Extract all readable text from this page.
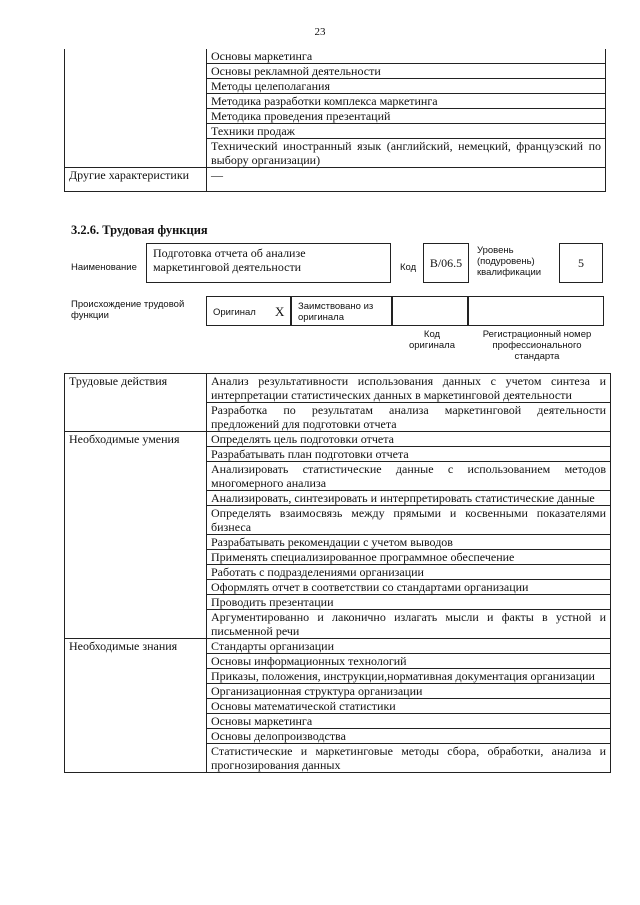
23
	Основы маркетинга
	Основы рекламной деятельности
	Методы целеполагания
	Методика разработки комплекса маркетинга
	Методика проведения презентаций
	Техники продаж
	Технический иностранный язык (английский, немецкий, французский по выбору организации)
Другие характеристики	—
3.2.6. Трудовая функция
Наименование
Подготовка отчета об анализе маркетинговой деятельности	Код	B/06.5
Уровень (подуровень) квалификации
5
Происхождение трудовой функции	Оригинал X Заимствовано из оригинала
Код оригинала
Регистрационный номер профессионального стандарта
Трудовые действия	Анализ результативности использования данных с учетом синтеза и интерпретации статистических данных в маркетинговой деятельности
	Разработка по результатам анализа маркетинговой деятельности предложений для подготовки отчета
Необходимые умения	Определять цель подготовки отчета
	Разрабатывать план подготовки отчета
	Анализировать статистические данные с использованием методов многомерного анализа
	Анализировать, синтезировать и интерпретировать статистические данные
	Определять взаимосвязь между прямыми и косвенными показателями бизнеса
	Разрабатывать рекомендации с учетом выводов
	Применять специализированное программное обеспечение
	Работать с подразделениями организации
	Оформлять отчет в соответствии со стандартами организации
	Проводить презентации
	Аргументированно и лаконично излагать мысли и факты в устной и письменной речи
Необходимые знания	Стандарты организации
	Основы информационных технологий
	Приказы, положения, инструкции,нормативная документация организации
	Организационная структура организации
	Основы математической статистики
	Основы маркетинга
	Основы делопроизводства
	Статистические и маркетинговые методы сбора, обработки, анализа и прогнозирования данных
